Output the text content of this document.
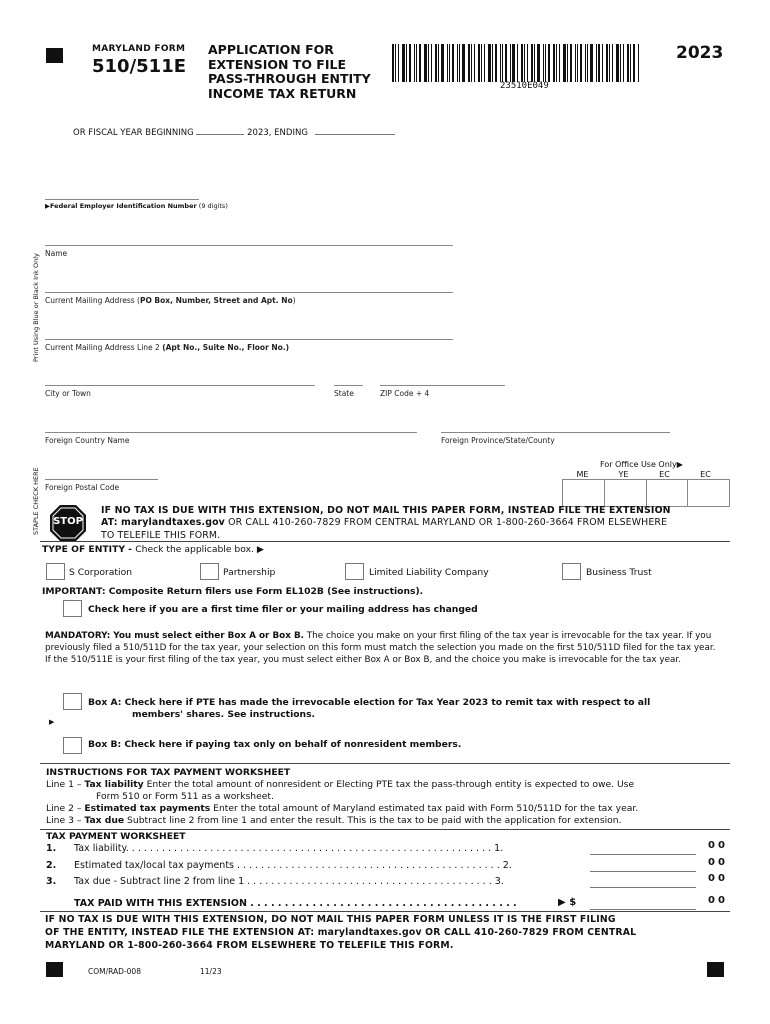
MARYLAND FORM
510/511E
APPLICATION FOR
EXTENSION TO FILE
PASS-THROUGH ENTITY
INCOME TAX RETURN	23510E049
2023
OR FISCAL YEAR BEGINNING	2023, ENDING
▶Federal Employer Identification Number (9 digits)
Print Using Blue or Black Ink Only
STAPLE CHECK HERE
Name
Current Mailing Address (PO Box, Number, Street and Apt. No)
Current Mailing Address Line 2 (Apt No., Suite No., Floor No.)
City or Town	State	ZIP Code + 4
Foreign Country Name	Foreign Province/State/County
Foreign Postal Code
For Office Use Only▶
ME	YE	EC	EC
STOP
IF NO TAX IS DUE WITH THIS EXTENSION, DO NOT MAIL THIS PAPER FORM, INSTEAD FILE THE EXTENSION
AT: marylandtaxes.gov OR CALL 410-260-7829 FROM CENTRAL MARYLAND OR 1-800-260-3664 FROM ELSEWHERE
TO TELEFILE THIS FORM.
TYPE OF ENTITY - Check the applicable box. ▶
S Corporation	Partnership	Limited Liability Company	Business Trust
IMPORTANT: Composite Return filers use Form EL102B (See instructions).
Check here if you are a first time filer or your mailing address has changed
MANDATORY: You must select either Box A or Box B. The choice you make on your first filing of the tax year is irrevocable for the tax year. If you previously filed a 510/511D for the tax year, your selection on this form must match the selection you made on the first 510/511D filed for the tax year.
If the 510/511E is your first filing of the tax year, you must select either Box A or Box B, and the choice you make is irrevocable for the tax year.
▶
Box A: Check here if PTE has made the irrevocable election for Tax Year 2023 to remit tax with respect to all
members' shares. See instructions.
Box B: Check here if paying tax only on behalf of nonresident members.
INSTRUCTIONS FOR TAX PAYMENT WORKSHEET
Line 1 – Tax liability Enter the total amount of nonresident or Electing PTE tax the pass-through entity is expected to owe. Use
Form 510 or Form 511 as a worksheet.
Line 2 – Estimated tax payments Enter the total amount of Maryland estimated tax paid with Form 510/511D for the tax year.
Line 3 – Tax due Subtract line 2 from line 1 and enter the result. This is the tax to be paid with the application for extension.
TAX PAYMENT WORKSHEET
1. Tax liability. . . . . . . . . . . . . . . . . . . . . . . . . . . . . . . . . . . . . . . . . . . . . . . . . . . . . . . . . . . . . 1.	00
2. Estimated tax/local tax payments . . . . . . . . . . . . . . . . . . . . . . . . . . . . . . . . . . . . . . . . . . . . 2.	00
3. Tax due - Subtract line 2 from line 1 . . . . . . . . . . . . . . . . . . . . . . . . . . . . . . . . . . . . . . . . . 3.	00
TAX PAID WITH THIS EXTENSION . . . . . . . . . . . . . . . . . . . . . . . . . . . . . . . . . . . . . . .	▶ $	00
IF NO TAX IS DUE WITH THIS EXTENSION, DO NOT MAIL THIS PAPER FORM UNLESS IT IS THE FIRST FILING
OF THE ENTITY, INSTEAD FILE THE EXTENSION AT: marylandtaxes.gov OR CALL 410-260-7829 FROM CENTRAL
MARYLAND OR 1-800-260-3664 FROM ELSEWHERE TO TELEFILE THIS FORM.
COM/RAD-008	11/23
